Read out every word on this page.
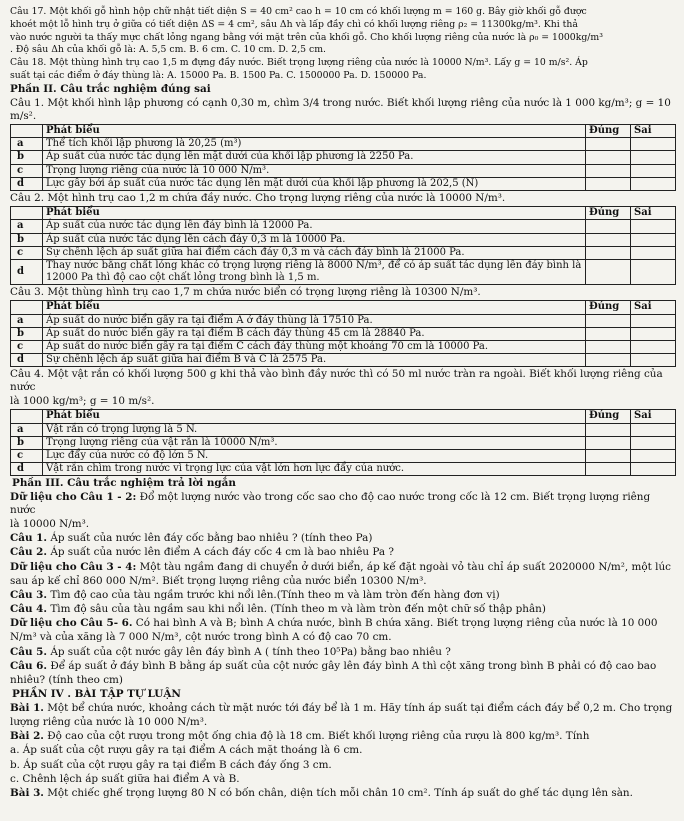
Câu 17. Một khối gỗ hình hộp chữ nhật tiết diện S = 40 cm² cao h = 10 cm có khối lượng m = 160 g. Bây giờ khối gỗ được

khoét một lỗ hình trụ ở giữa có tiết diện ΔS = 4 cm², sâu Δh và lấp đầy chì có khối lượng riêng ρ₂ = 11300kg/m³. Khi thả

vào nước người ta thấy mực chất lỏng ngang bằng với mặt trên của khối gỗ. Cho khối lượng riêng của nước là ρ₀ = 1000kg/m³

. Độ sâu Δh của khối gỗ là: A. 5,5 cm. B. 6 cm. C. 10 cm. D. 2,5 cm.

Câu 18. Một thùng hình trụ cao 1,5 m đựng đầy nước. Biết trọng lượng riêng của nước là 10000 N/m³. Lấy g = 10 m/s². Áp

suất tại các điểm ở đáy thùng là: A. 15000 Pa. B. 1500 Pa. C. 1500000 Pa. D. 150000 Pa.

Phần II. Câu trắc nghiệm đúng sai

Câu 1. Một khối hình lập phương có cạnh 0,30 m, chìm 3/4 trong nước. Biết khối lượng riêng của nước là 1 000 kg/m³; g = 10 m/s².

	Phát biểu	Đúng	Sai
a	Thể tích khối lập phương là 20,25 (m³)		
b	Áp suất của nước tác dụng lên mặt dưới của khối lập phương là 2250 Pa.		
c	Trọng lượng riêng của nước là 10 000 N/m³.		
d	Lực gây bởi áp suất của nước tác dụng lên mặt dưới của khối lập phương là 202,5 (N)		

Câu 2. Một hình trụ cao 1,2 m chứa đầy nước. Cho trọng lượng riêng của nước là 10000 N/m³.

	Phát biểu	Đúng	Sai
a	Áp suất của nước tác dụng lên đáy bình là 12000 Pa.		
b	Áp suất của nước tác dụng lên cách đáy 0,3 m là 10000 Pa.		
c	Sự chênh lệch áp suất giữa hai điểm cách đáy 0,3 m và cách đáy bình là 21000 Pa.		
d	Thay nước bằng chất lỏng khác có trọng lượng riêng là 8000 N/m³, để có áp suất tác dụng lên đáy bình là 12000 Pa thì độ cao cột chất lỏng trong bình là 1,5 m.		

Câu 3. Một thùng hình trụ cao 1,7 m chứa nước biển có trọng lượng riêng là 10300 N/m³.

	Phát biểu	Đúng	Sai
a	Áp suất do nước biển gây ra tại điểm A ở đáy thùng là 17510 Pa.		
b	Áp suất do nước biển gây ra tại điểm B cách đáy thùng 45 cm là 28840 Pa.		
c	Áp suất do nước biển gây ra tại điểm C cách đáy thùng một khoảng 70 cm là 10000 Pa.		
d	Sự chênh lệch áp suất giữa hai điểm B và C là 2575 Pa.		

Câu 4. Một vật rắn có khối lượng 500 g khi thả vào bình đầy nước thì có 50 ml nước tràn ra ngoài. Biết khối lượng riêng của nước

là 1000 kg/m³; g = 10 m/s².

	Phát biểu	Đúng	Sai
a	Vật rắn có trọng lượng là 5 N.		
b	Trọng lượng riêng của vật rắn là 10000 N/m³.		
c	Lực đẩy của nước có độ lớn 5 N.		
d	Vật rắn chìm trong nước vì trọng lực của vật lớn hơn lực đẩy của nước.		

Phần III. Câu trắc nghiệm trả lời ngắn

Dữ liệu cho Câu 1 - 2: Đổ một lượng nước vào trong cốc sao cho độ cao nước trong cốc là 12 cm. Biết trọng lượng riêng nước

là 10000 N/m³.

Câu 1. Áp suất của nước lên đáy cốc bằng bao nhiêu ? (tính theo Pa)

Câu 2. Áp suất của nước lên điểm A cách đáy cốc 4 cm là bao nhiêu Pa ?

Dữ liệu cho Câu 3 - 4: Một tàu ngầm đang di chuyển ở dưới biển, áp kế đặt ngoài vỏ tàu chỉ áp suất 2020000 N/m², một lúc

sau áp kế chỉ 860 000 N/m². Biết trọng lượng riêng của nước biển 10300 N/m³.

Câu 3. Tìm độ cao của tàu ngầm trước khi nổi lên.(Tính theo m và làm tròn đến hàng đơn vị)

Câu 4. Tìm độ sâu của tàu ngầm sau khi nổi lên. (Tính theo m và làm tròn đến một chữ số thập phân)

Dữ liệu cho Câu 5- 6. Có hai bình A và B; bình A chứa nước, bình B chứa xăng. Biết trọng lượng riêng của nước là 10 000

N/m³ và của xăng là 7 000 N/m³, cột nước trong bình A có độ cao 70 cm.

Câu 5. Áp suất của cột nước gây lên đáy bình A ( tính theo 10⁵Pa) bằng bao nhiêu ?

Câu 6. Để áp suất ở đáy bình B bằng áp suất của cột nước gây lên đáy bình A thì cột xăng trong bình B phải có độ cao bao

nhiêu? (tính theo cm)

PHẦN IV . BÀI TẬP TỰ LUẬN

Bài 1. Một bể chứa nước, khoảng cách từ mặt nước tới đáy bể là 1 m. Hãy tính áp suất tại điểm cách đáy bể 0,2 m. Cho trọng

lượng riêng của nước là 10 000 N/m³.

Bài 2. Độ cao của cột rượu trong một ống chia độ là 18 cm. Biết khối lượng riêng của rượu là 800 kg/m³. Tính

a. Áp suất của cột rượu gây ra tại điểm A cách mặt thoáng là 6 cm.

b. Áp suất của cột rượu gây ra tại điểm B cách đáy ống 3 cm.

c. Chênh lệch áp suất giữa hai điểm A và B.

Bài 3. Một chiếc ghế trọng lượng 80 N có bốn chân, diện tích mỗi chân 10 cm². Tính áp suất do ghế tác dụng lên sàn.
